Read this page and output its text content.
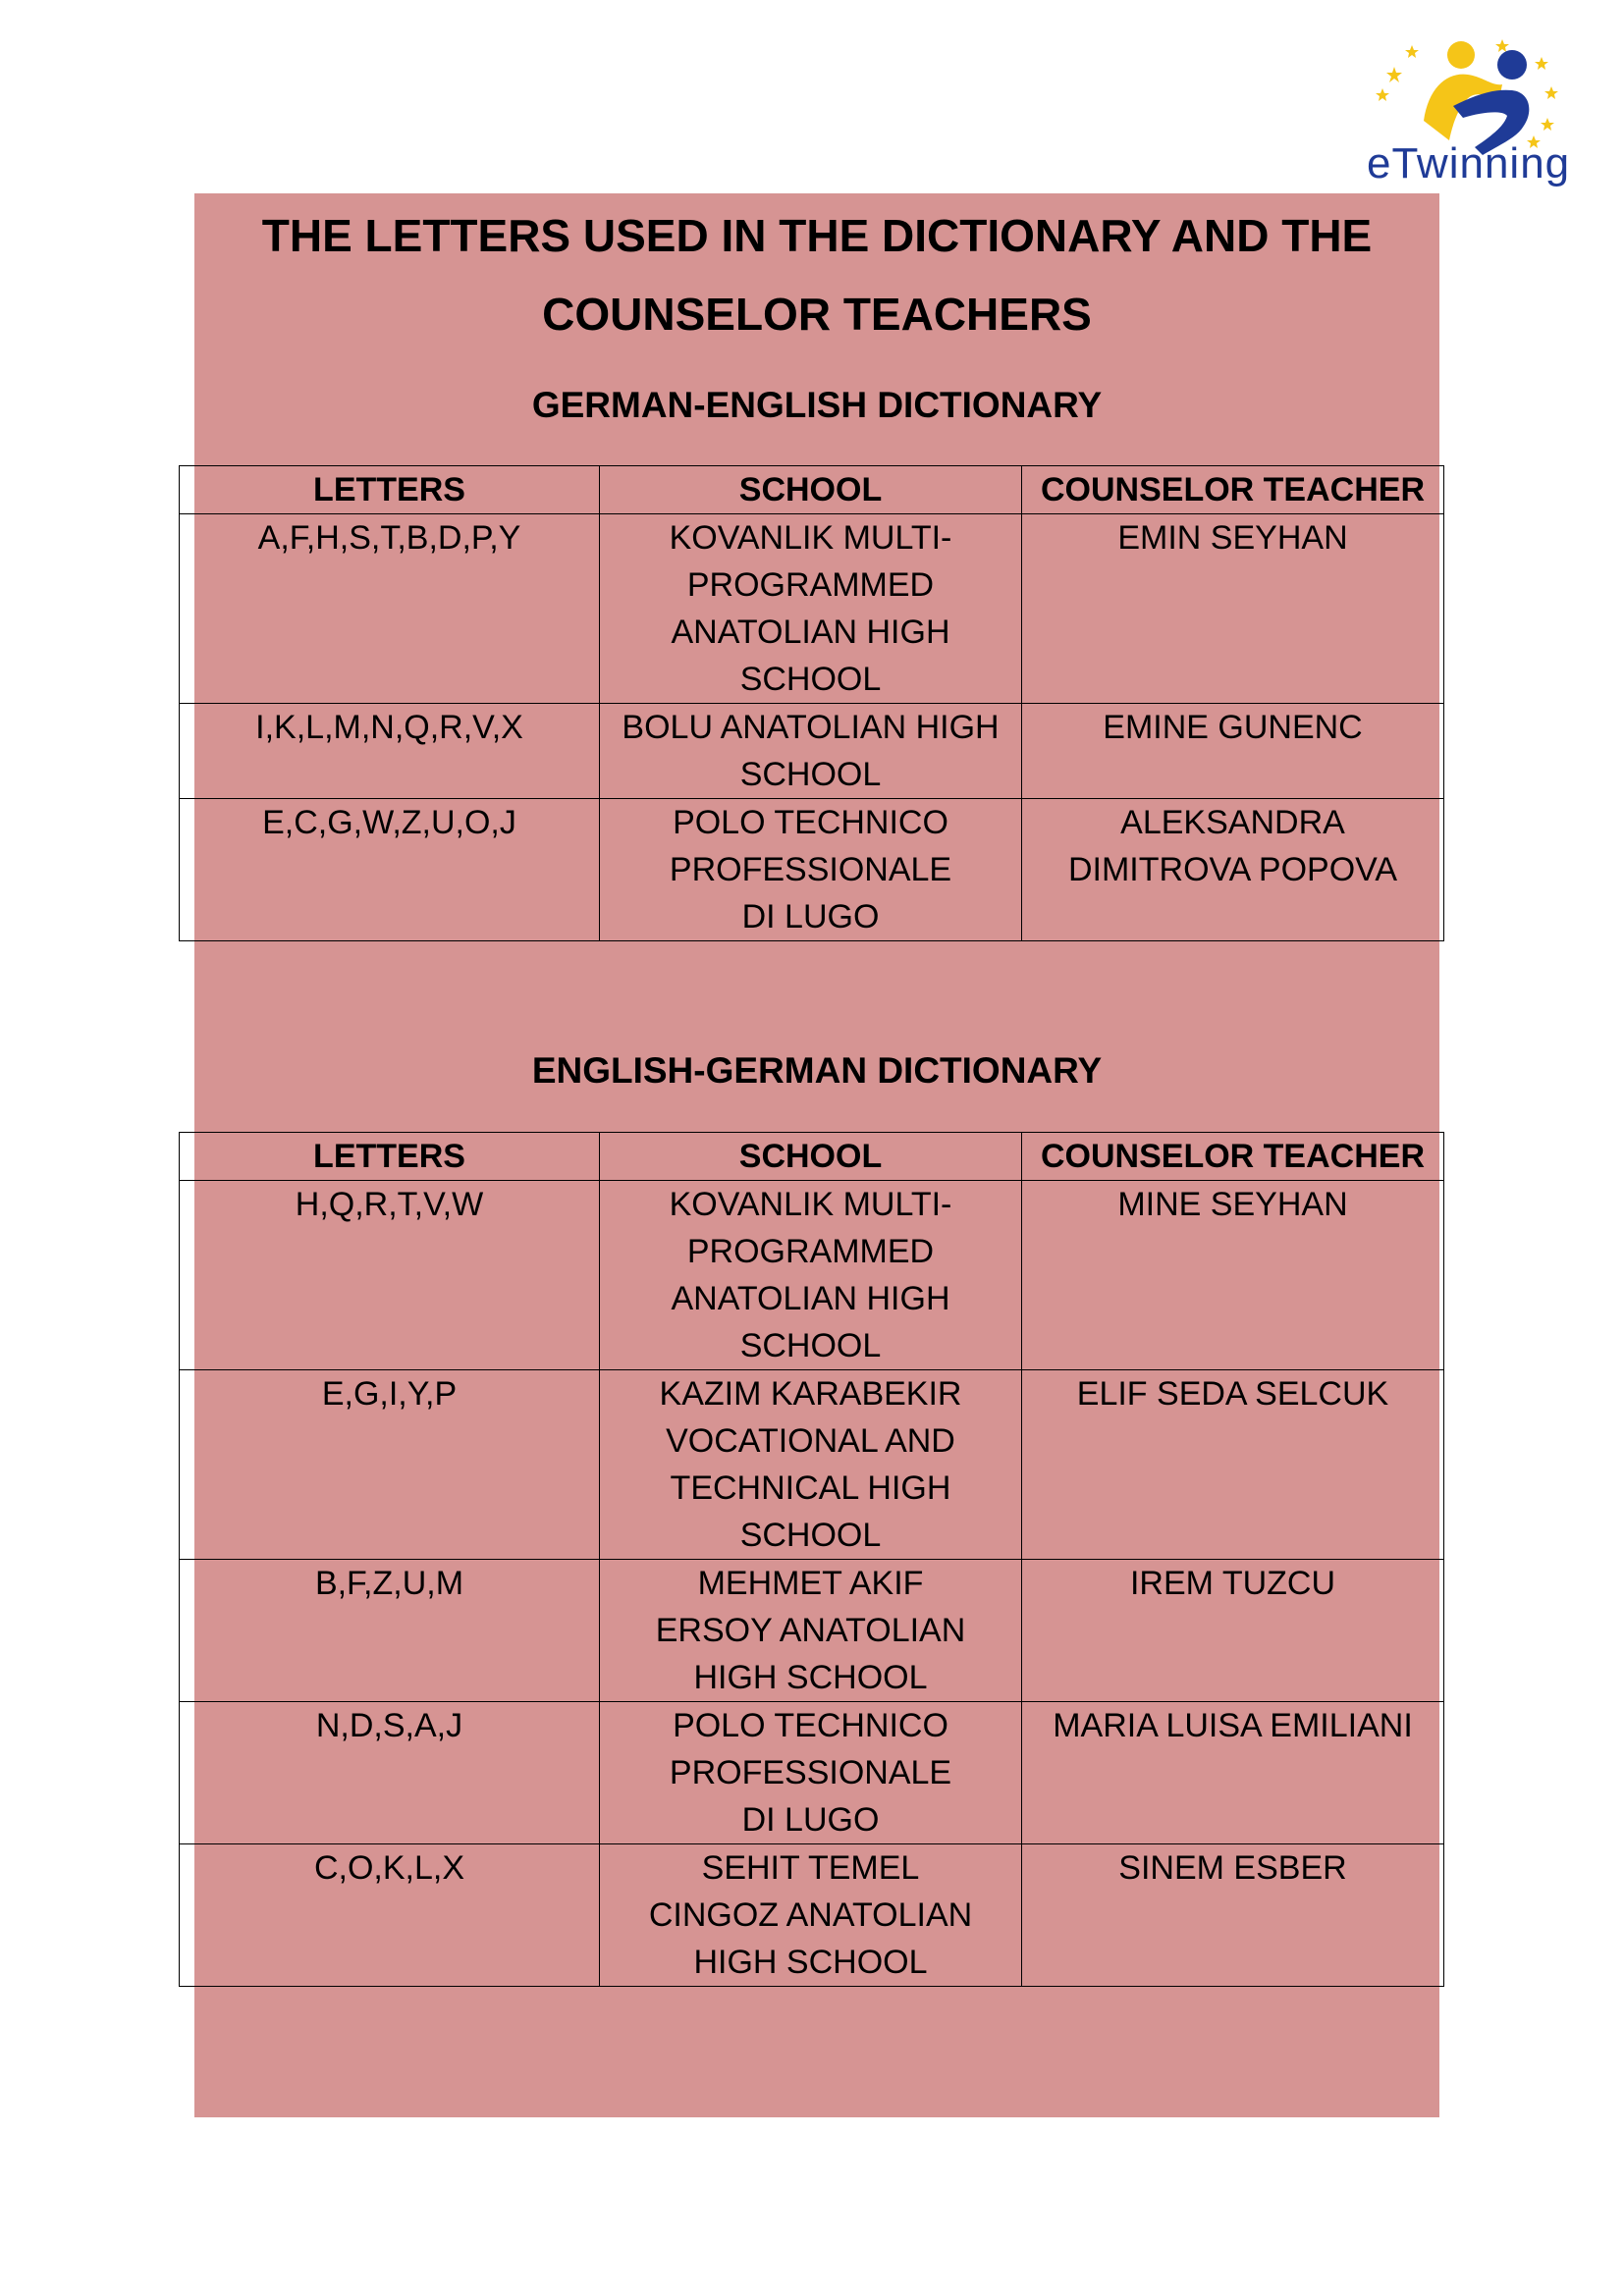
eTwinning
THE LETTERS USED IN THE DICTIONARY AND THE
COUNSELOR TEACHERS
GERMAN-ENGLISH DICTIONARY
LETTERS	SCHOOL	COUNSELOR TEACHER
A,F,H,S,T,B,D,P,Y	KOVANLIK MULTI-PROGRAMMED ANATOLIAN HIGH SCHOOL	EMIN SEYHAN
I,K,L,M,N,Q,R,V,X	BOLU ANATOLIAN HIGH SCHOOL	EMINE GUNENC
E,C,G,W,Z,U,O,J	POLO TECHNICO PROFESSIONALE DI LUGO	ALEKSANDRA DIMITROVA POPOVA
ENGLISH-GERMAN DICTIONARY
LETTERS	SCHOOL	COUNSELOR TEACHER
H,Q,R,T,V,W	KOVANLIK MULTI-PROGRAMMED ANATOLIAN HIGH SCHOOL	MINE SEYHAN
E,G,I,Y,P	KAZIM KARABEKIR VOCATIONAL AND TECHNICAL HIGH SCHOOL	ELIF SEDA SELCUK
B,F,Z,U,M	MEHMET AKIF ERSOY ANATOLIAN HIGH SCHOOL	IREM TUZCU
N,D,S,A,J	POLO TECHNICO PROFESSIONALE DI LUGO	MARIA LUISA EMILIANI
C,O,K,L,X	SEHIT TEMEL CINGOZ ANATOLIAN HIGH SCHOOL	SINEM ESBER
